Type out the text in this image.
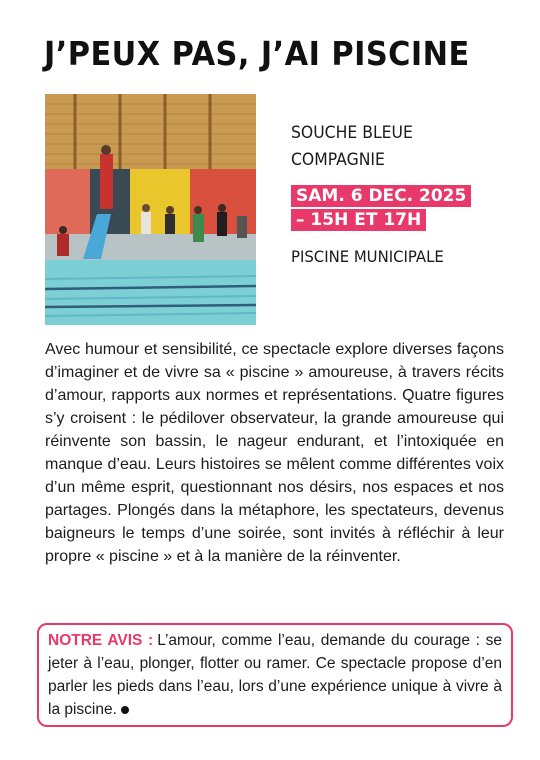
J’PEUX PAS, J’AI PISCINE
SOUCHE BLEUE
COMPAGNIE
SAM. 6 DEC. 2025
– 15H ET 17H
PISCINE MUNICIPALE

Avec humour et sensibilité, ce spectacle explore diverses façons d’imaginer et de vivre sa « piscine » amoureuse, à travers récits d’amour, rapports aux normes et représentations. Quatre figures s’y croisent : le pédilover observateur, la grande amoureuse qui réinvente son bassin, le nageur endurant, et l’intoxiquée en manque d’eau. Leurs histoires se mêlent comme différentes voix d’un même esprit, questionnant nos désirs, nos espaces et nos partages. Plongés dans la métaphore, les spectateurs, devenus baigneurs le temps d’une soirée, sont invités à réfléchir à leur propre « piscine » et à la manière de la réinventer.

NOTRE AVIS : L’amour, comme l’eau, demande du courage : se jeter à l’eau, plonger, flotter ou ramer. Ce spectacle propose d’en parler les pieds dans l’eau, lors d’une expérience unique à vivre à la piscine.
